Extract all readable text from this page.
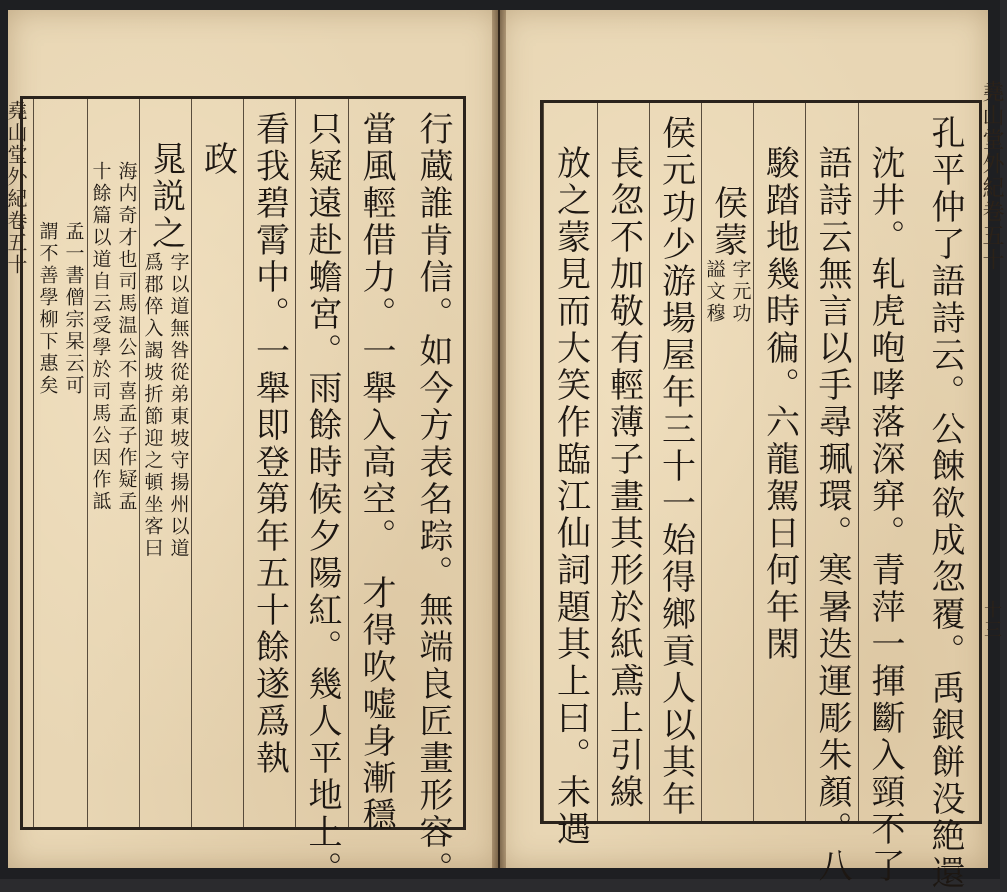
行蔵誰肯信。如今方表名踪。無端良匠畫形容。
當風輕借力。一舉入高空。　才得吹嘘身漸穩
只疑遠赴蟾宮。雨餘時候夕陽紅。幾人平地上。
看我碧霄中。一舉即登第年五十餘遂爲執
政
晁説之
字以道無咎從弟東坡守揚州以道
爲郡倅入謁坡折節迎之頓坐客曰
海内奇才也司馬温公不喜孟子作疑孟
十餘篇以道自云受學於司馬公因作詆
孟一書僧宗杲云可
謂不善學柳下惠矣
堯山堂外紀卷五十	孔平仲了語詩云。公餗欲成忽覆。禹銀餅没絶還
沈井。轧虎咆哮落深穽。青萍一揮斷入頸不了
語詩云無言以手尋珮環。寒暑迭運彫朱顏。八
駿踏地幾時徧。六龍駕日何年閑
侯蒙
字元功
謚文穆
侯元功少游場屋年三十一始得鄉貢人以其年
長忽不加敬有輕薄子畫其形於紙鳶上引線
放之蒙見而大笑作臨江仙詞題其上曰。未遇	堯山堂外紀卷五十
十三
